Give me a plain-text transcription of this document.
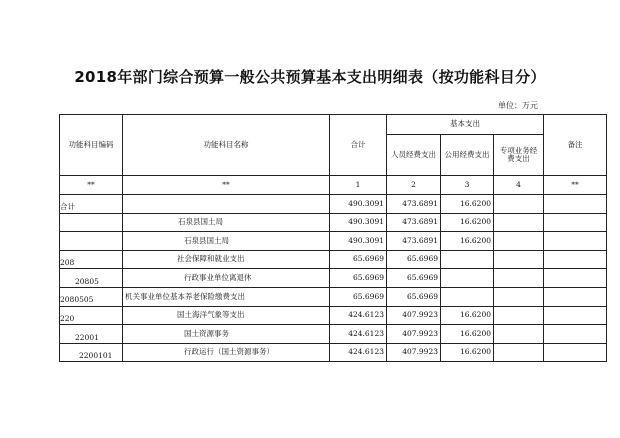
2018年部门综合预算一般公共预算基本支出明细表（按功能科目分）
单位：万元
功能科目编码	功能科目名称	合计	基本支出			备注
			人员经费支出	公用经费支出	专项业务经费支出	
**	**	1	2	3	4	**
合计		490.3091	473.6891	16.6200		
	石泉县国土局	490.3091	473.6891	16.6200		
	石泉县国土局	490.3091	473.6891	16.6200		
208	社会保障和就业支出	65.6969	65.6969			
20805	行政事业单位离退休	65.6969	65.6969			
2080505	机关事业单位基本养老保险缴费支出	65.6969	65.6969			
220	国土海洋气象等支出	424.6123	407.9923	16.6200		
22001	国土资源事务	424.6123	407.9923	16.6200		
2200101	行政运行（国土资源事务）	424.6123	407.9923	16.6200		
